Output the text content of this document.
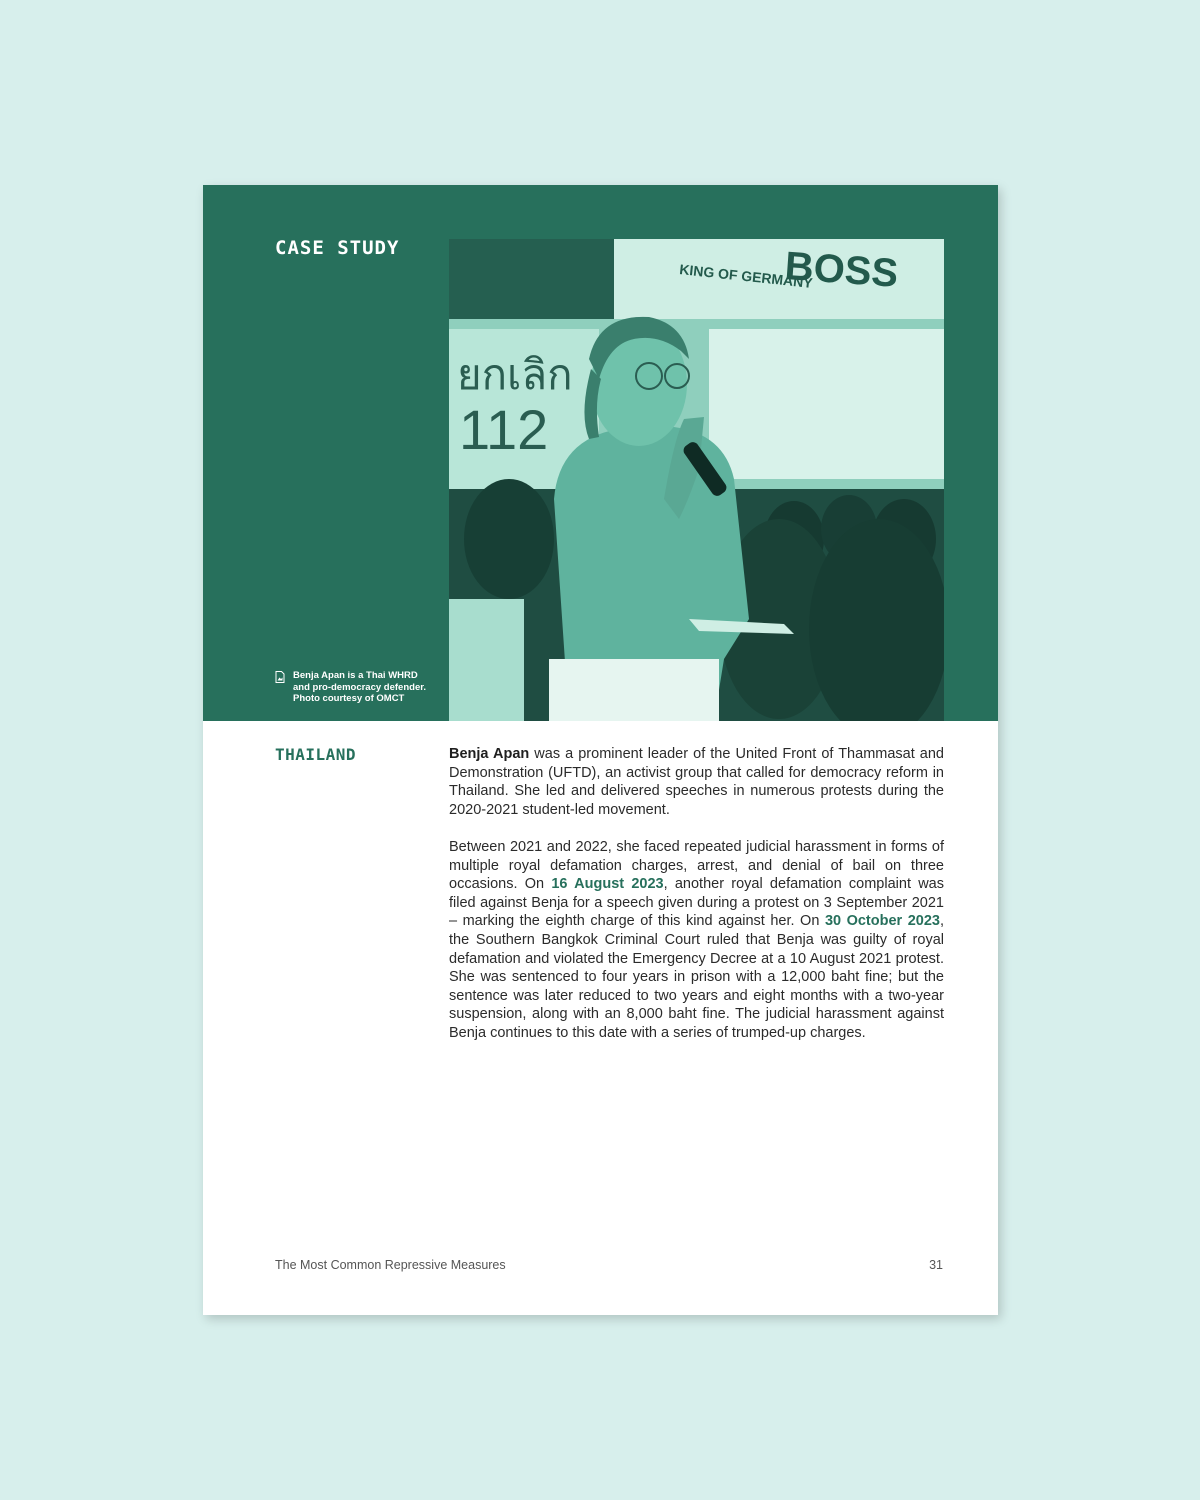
CASE STUDY	BOSS
KING OF GERMANY
ยกเลิก
112
Benja Apan is a Thai WHRD
and pro-democracy defender.
Photo courtesy of OMCT
THAILAND	Benja Apan was a prominent leader of the United Front of Thammasat and Demonstration (UFTD), an activist group that called for democracy reform in Thailand. She led and delivered speeches in numerous protests during the 2020-2021 student-led movement.

Between 2021 and 2022, she faced repeated judicial harassment in forms of multiple royal defamation charges, arrest, and denial of bail on three occasions. On 16 August 2023, another royal defamation complaint was filed against Benja for a speech given during a protest on 3 September 2021 – marking the eighth charge of this kind against her. On 30 October 2023, the Southern Bangkok Criminal Court ruled that Benja was guilty of royal defamation and violated the Emergency Decree at a 10 August 2021 protest. She was sentenced to four years in prison with a 12,000 baht fine; but the sentence was later reduced to two years and eight months with a two-year suspension, along with an 8,000 baht fine. The judicial harassment against Benja continues to this date with a series of trumped-up charges.

The Most Common Repressive Measures	31
